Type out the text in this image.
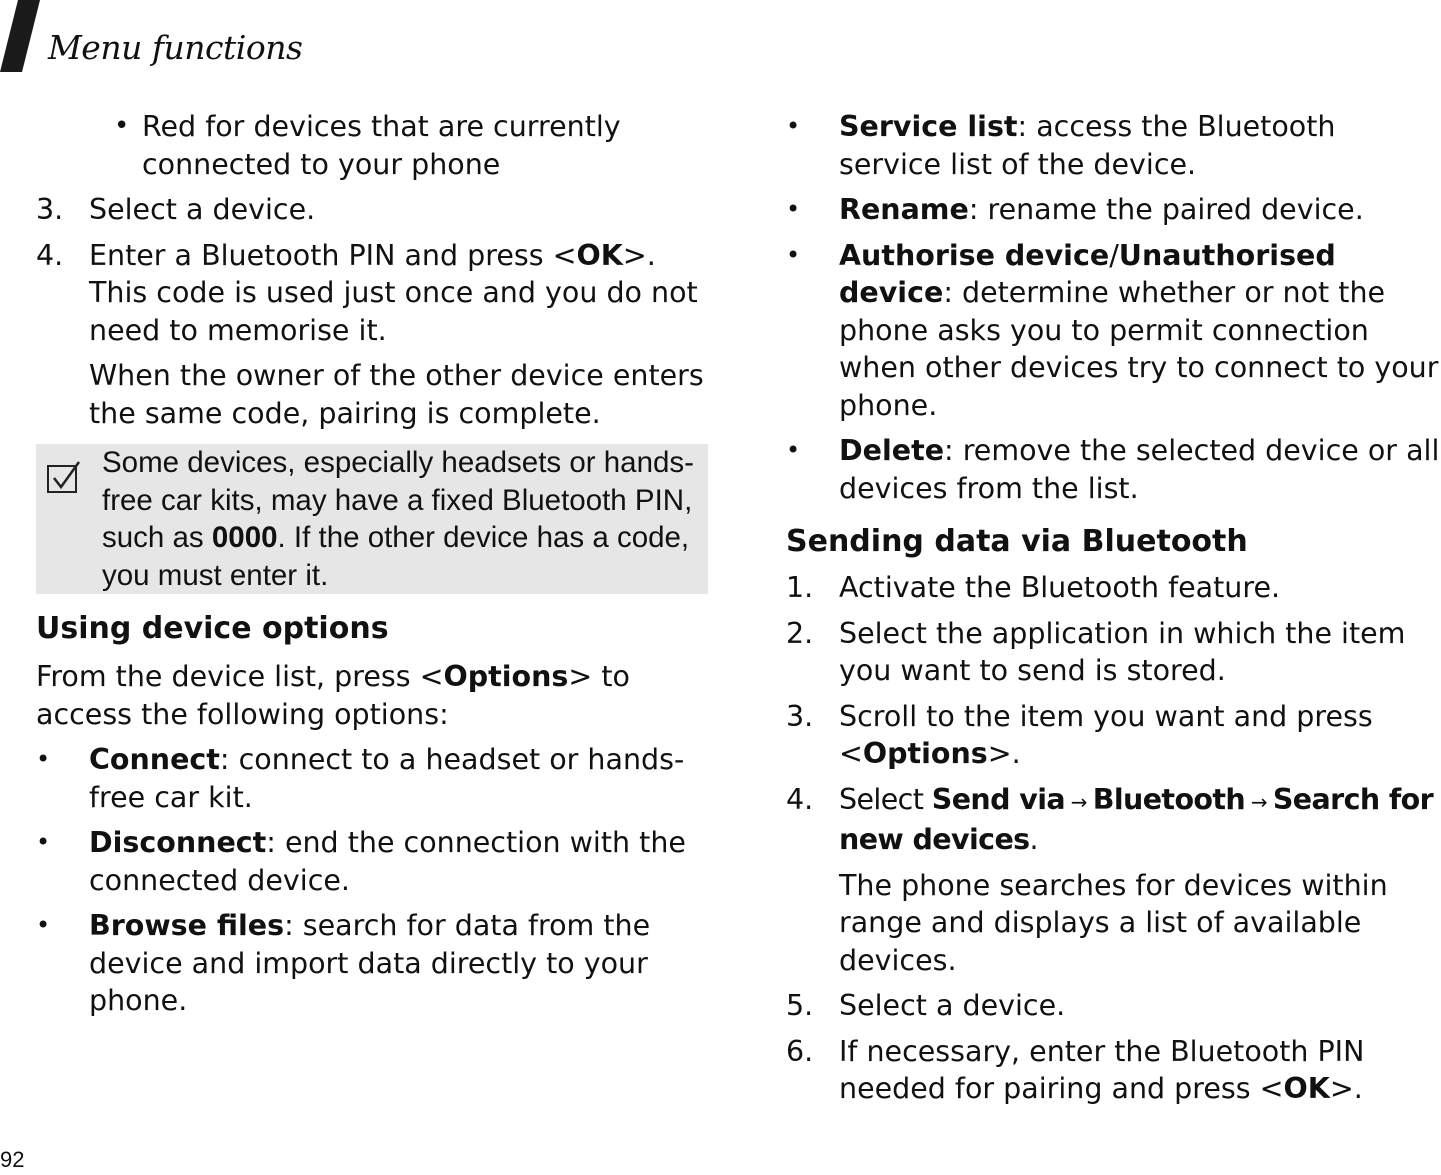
Menu functions
• Red for devices that are currently connected to your phone
3. Select a device.
4. Enter a Bluetooth PIN and press <OK>. This code is used just once and you do not need to memorise it.

When the owner of the other device enters the same code, pairing is complete.

Some devices, especially headsets or hands-free car kits, may have a fixed Bluetooth PIN, such as 0000. If the other device has a code, you must enter it.
Using device options

From the device list, press <Options> to access the following options:

• Connect: connect to a headset or hands-free car kit.
• Disconnect: end the connection with the connected device.
• Browse files: search for data from the device and import data directly to your phone.
• Service list: access the Bluetooth service list of the device.
• Rename: rename the paired device.
• Authorise device/Unauthorised device: determine whether or not the phone asks you to permit connection when other devices try to connect to your phone.
• Delete: remove the selected device or all devices from the list.
Sending data via Bluetooth
1. Activate the Bluetooth feature.
2. Select the application in which the item you want to send is stored.
3. Scroll to the item you want and press <Options>.
4. Select Send via → Bluetooth → Search for new devices.

The phone searches for devices within range and displays a list of available devices.

5. Select a device.
6. If necessary, enter the Bluetooth PIN needed for pairing and press <OK>.
92
